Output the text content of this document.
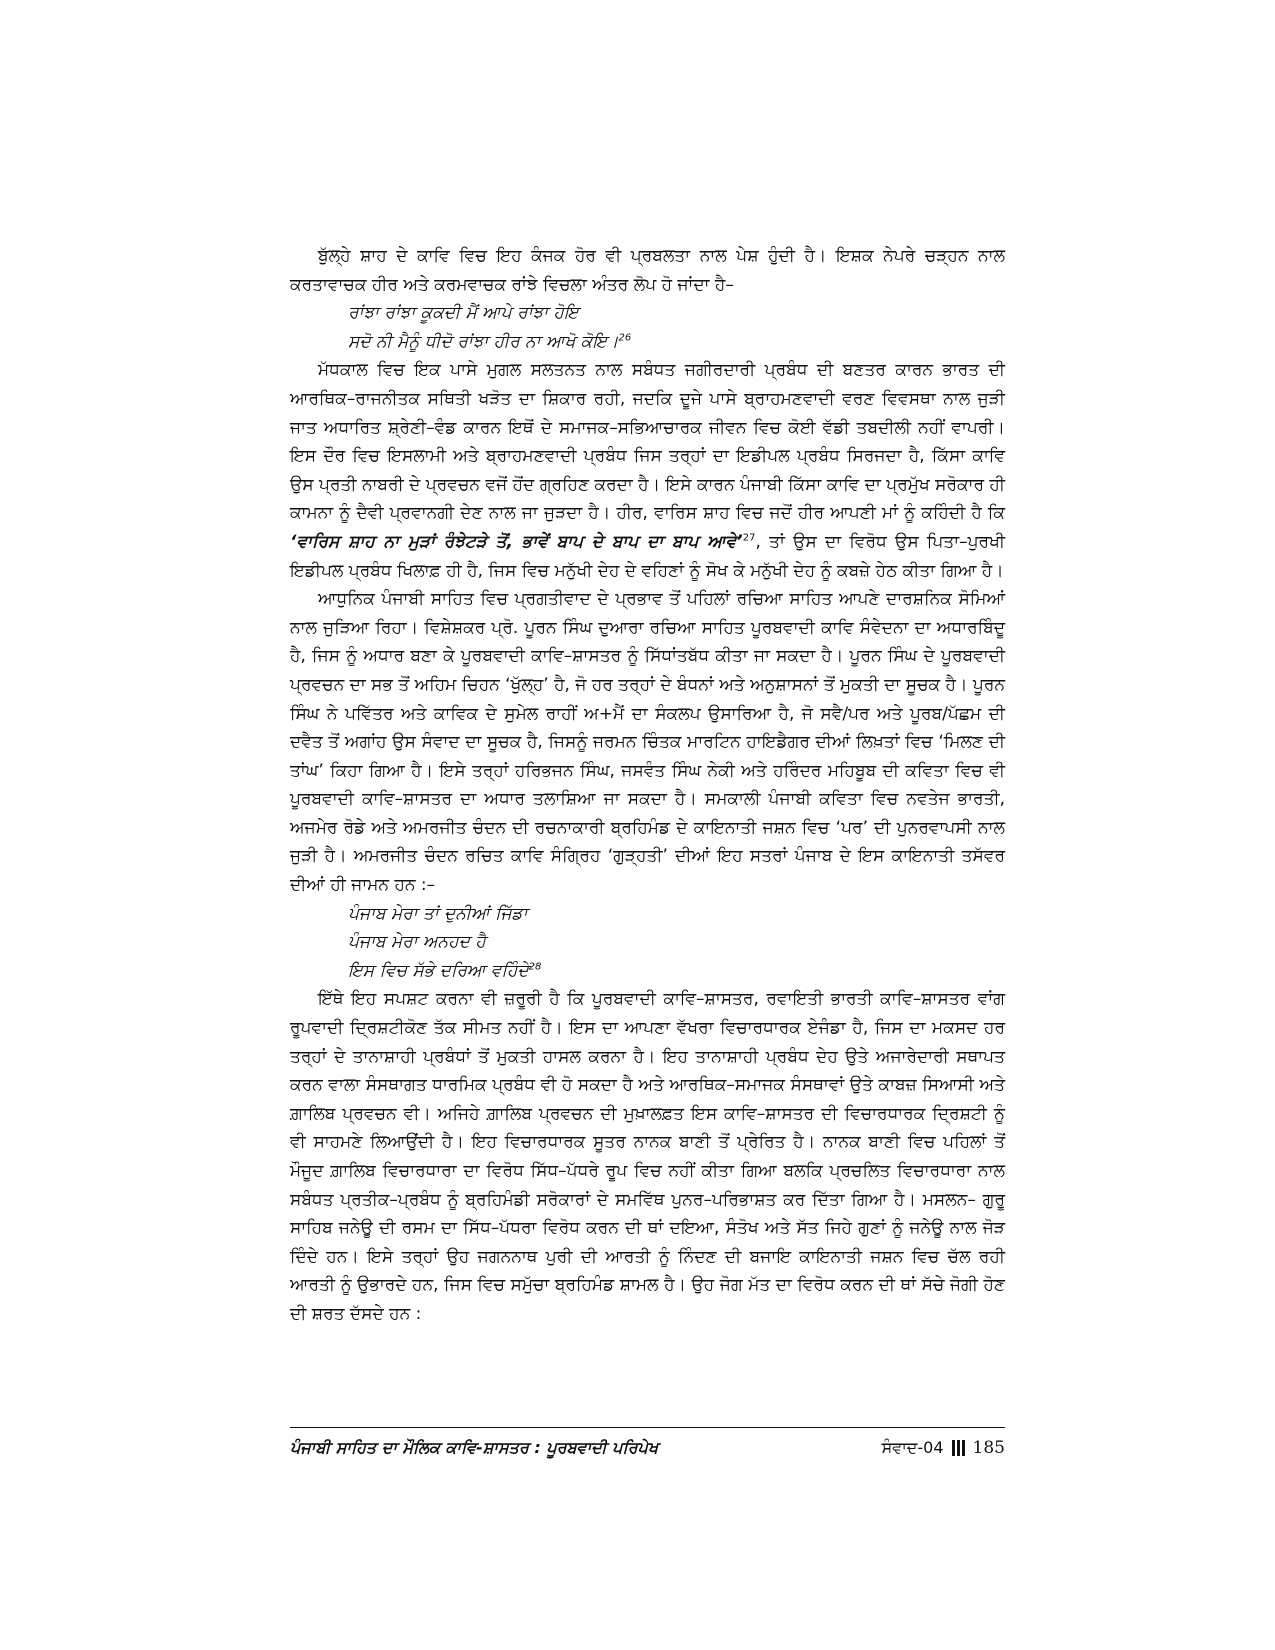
ਬੁੱਲ੍ਹੇ ਸ਼ਾਹ ਦੇ ਕਾਵਿ ਵਿਚ ਇਹ ਕੰਜਕ ਹੋਰ ਵੀ ਪ੍ਰਬਲਤਾ ਨਾਲ ਪੇਸ਼ ਹੁੰਦੀ ਹੈ। ਇਸ਼ਕ ਨੇਪਰੇ ਚੜ੍ਹਨ ਨਾਲ ਕਰਤਾਵਾਚਕ ਹੀਰ ਅਤੇ ਕਰਮਵਾਚਕ ਰਾਂਝੇ ਵਿਚਲਾ ਅੰਤਰ ਲੋਪ ਹੋ ਜਾਂਦਾ ਹੈ–

ਰਾਂਝਾ ਰਾਂਝਾ ਕੂਕਦੀ ਮੈਂ ਆਪੇ ਰਾਂਝਾ ਹੋਇ
ਸਦੋ ਨੀ ਮੈਨੂੰ ਧੀਦੋ ਰਾਂਝਾ ਹੀਰ ਨਾ ਆਖੋ ਕੋਇ।$^{26}$

ਮੱਧਕਾਲ ਵਿਚ ਇਕ ਪਾਸੇ ਮੁਗਲ ਸਲਤਨਤ ਨਾਲ ਸਬੰਧਤ ਜਗੀਰਦਾਰੀ ਪ੍ਰਬੰਧ ਦੀ ਬਣਤਰ ਕਾਰਨ ਭਾਰਤ ਦੀ ਆਰਥਿਕ–ਰਾਜਨੀਤਕ ਸਥਿਤੀ ਖੜੋਤ ਦਾ ਸ਼ਿਕਾਰ ਰਹੀ, ਜਦਕਿ ਦੂਜੇ ਪਾਸੇ ਬ੍ਰਾਹਮਣਵਾਦੀ ਵਰਣ ਵਿਵਸਥਾ ਨਾਲ ਜੁੜੀ ਜਾਤ ਅਧਾਰਿਤ ਸ਼੍ਰੇਣੀ–ਵੰਡ ਕਾਰਨ ਇਥੋਂ ਦੇ ਸਮਾਜਕ–ਸਭਿਆਚਾਰਕ ਜੀਵਨ ਵਿਚ ਕੋਈ ਵੱਡੀ ਤਬਦੀਲੀ ਨਹੀਂ ਵਾਪਰੀ। ਇਸ ਦੌਰ ਵਿਚ ਇਸਲਾਮੀ ਅਤੇ ਬ੍ਰਾਹਮਣਵਾਦੀ ਪ੍ਰਬੰਧ ਜਿਸ ਤਰ੍ਹਾਂ ਦਾ ਇਡੀਪਲ ਪ੍ਰਬੰਧ ਸਿਰਜਦਾ ਹੈ, ਕਿੱਸਾ ਕਾਵਿ ਉਸ ਪ੍ਰਤੀ ਨਾਬਰੀ ਦੇ ਪ੍ਰਵਚਨ ਵਜੋਂ ਹੋਂਦ ਗ੍ਰਹਿਣ ਕਰਦਾ ਹੈ। ਇਸੇ ਕਾਰਨ ਪੰਜਾਬੀ ਕਿੱਸਾ ਕਾਵਿ ਦਾ ਪ੍ਰਮੁੱਖ ਸਰੋਕਾਰ ਹੀ ਕਾਮਨਾ ਨੂੰ ਦੈਵੀ ਪ੍ਰਵਾਨਗੀ ਦੇਣ ਨਾਲ ਜਾ ਜੁੜਦਾ ਹੈ। ਹੀਰ, ਵਾਰਿਸ ਸ਼ਾਹ ਵਿਚ ਜਦੋਂ ਹੀਰ ਆਪਣੀ ਮਾਂ ਨੂੰ ਕਹਿੰਦੀ ਹੈ ਕਿ ‘ਵਾਰਿਸ ਸ਼ਾਹ ਨਾ ਮੁੜਾਂ ਰੰਝੇਟੜੇ ਤੋਂ, ਭਾਵੇਂ ਬਾਪ ਦੇ ਬਾਪ ਦਾ ਬਾਪ ਆਵੇ’$^{27}$, ਤਾਂ ਉਸ ਦਾ ਵਿਰੋਧ ਉਸ ਪਿਤਾ–ਪੁਰਖੀ ਇਡੀਪਲ ਪ੍ਰਬੰਧ ਖਿਲਾਫ਼ ਹੀ ਹੈ, ਜਿਸ ਵਿਚ ਮਨੁੱਖੀ ਦੇਹ ਦੇ ਵਹਿਣਾਂ ਨੂੰ ਸੋਖ ਕੇ ਮਨੁੱਖੀ ਦੇਹ ਨੂੰ ਕਬਜ਼ੇ ਹੇਠ ਕੀਤਾ ਗਿਆ ਹੈ।

ਆਧੁਨਿਕ ਪੰਜਾਬੀ ਸਾਹਿਤ ਵਿਚ ਪ੍ਰਗਤੀਵਾਦ ਦੇ ਪ੍ਰਭਾਵ ਤੋਂ ਪਹਿਲਾਂ ਰਚਿਆ ਸਾਹਿਤ ਆਪਣੇ ਦਾਰਸ਼ਨਿਕ ਸੋਮਿਆਂ ਨਾਲ ਜੁੜਿਆ ਰਿਹਾ। ਵਿਸ਼ੇਸ਼ਕਰ ਪ੍ਰੋ. ਪੂਰਨ ਸਿੰਘ ਦੁਆਰਾ ਰਚਿਆ ਸਾਹਿਤ ਪੂਰਬਵਾਦੀ ਕਾਵਿ ਸੰਵੇਦਨਾ ਦਾ ਅਧਾਰਬਿੰਦੂ ਹੈ, ਜਿਸ ਨੂੰ ਅਧਾਰ ਬਣਾ ਕੇ ਪੂਰਬਵਾਦੀ ਕਾਵਿ–ਸ਼ਾਸਤਰ ਨੂੰ ਸਿੱਧਾਂਤਬੱਧ ਕੀਤਾ ਜਾ ਸਕਦਾ ਹੈ। ਪੂਰਨ ਸਿੰਘ ਦੇ ਪੂਰਬਵਾਦੀ ਪ੍ਰਵਚਨ ਦਾ ਸਭ ਤੋਂ ਅਹਿਮ ਚਿਹਨ ‘ਖੁੱਲ੍ਹ’ ਹੈ, ਜੋ ਹਰ ਤਰ੍ਹਾਂ ਦੇ ਬੰਧਨਾਂ ਅਤੇ ਅਨੁਸ਼ਾਸਨਾਂ ਤੋਂ ਮੁਕਤੀ ਦਾ ਸੂਚਕ ਹੈ। ਪੂਰਨ ਸਿੰਘ ਨੇ ਪਵਿੱਤਰ ਅਤੇ ਕਾਵਿਕ ਦੇ ਸੁਮੇਲ ਰਾਹੀਂ ਅ+ਮੈਂ ਦਾ ਸੰਕਲਪ ਉਸਾਰਿਆ ਹੈ, ਜੋ ਸਵੈ/ਪਰ ਅਤੇ ਪੂਰਬ/ਪੱਛਮ ਦੀ ਦਵੈਤ ਤੋਂ ਅਗਾਂਹ ਉਸ ਸੰਵਾਦ ਦਾ ਸੂਚਕ ਹੈ, ਜਿਸਨੂੰ ਜਰਮਨ ਚਿੰਤਕ ਮਾਰਟਿਨ ਹਾਇਡੈਗਰ ਦੀਆਂ ਲਿਖ਼ਤਾਂ ਵਿਚ ‘ਮਿਲਣ ਦੀ ਤਾਂਘ’ ਕਿਹਾ ਗਿਆ ਹੈ। ਇਸੇ ਤਰ੍ਹਾਂ ਹਰਿਭਜਨ ਸਿੰਘ, ਜਸਵੰਤ ਸਿੰਘ ਨੇਕੀ ਅਤੇ ਹਰਿੰਦਰ ਮਹਿਬੂਬ ਦੀ ਕਵਿਤਾ ਵਿਚ ਵੀ ਪੂਰਬਵਾਦੀ ਕਾਵਿ–ਸ਼ਾਸਤਰ ਦਾ ਅਧਾਰ ਤਲਾਸ਼ਿਆ ਜਾ ਸਕਦਾ ਹੈ। ਸਮਕਾਲੀ ਪੰਜਾਬੀ ਕਵਿਤਾ ਵਿਚ ਨਵਤੇਜ ਭਾਰਤੀ, ਅਜਮੇਰ ਰੋਡੇ ਅਤੇ ਅਮਰਜੀਤ ਚੰਦਨ ਦੀ ਰਚਨਾਕਾਰੀ ਬ੍ਰਹਿਮੰਡ ਦੇ ਕਾਇਨਾਤੀ ਜਸ਼ਨ ਵਿਚ ‘ਪਰ’ ਦੀ ਪੁਨਰਵਾਪਸੀ ਨਾਲ ਜੁੜੀ ਹੈ। ਅਮਰਜੀਤ ਚੰਦਨ ਰਚਿਤ ਕਾਵਿ ਸੰਗ੍ਰਿਹ ‘ਗੁੜ੍ਹਤੀ’ ਦੀਆਂ ਇਹ ਸਤਰਾਂ ਪੰਜਾਬ ਦੇ ਇਸ ਕਾਇਨਾਤੀ ਤਸੱਵਰ ਦੀਆਂ ਹੀ ਜਾਮਨ ਹਨ :–

ਪੰਜਾਬ ਮੇਰਾ ਤਾਂ ਦੁਨੀਆਂ ਜਿੱਡਾ
ਪੰਜਾਬ ਮੇਰਾ ਅਨਹਦ ਹੈ
ਇਸ ਵਿਚ ਸੱਭੇ ਦਰਿਆ ਵਹਿੰਦੇ$^{28}$

ਇੱਥੇ ਇਹ ਸਪਸ਼ਟ ਕਰਨਾ ਵੀ ਜ਼ਰੂਰੀ ਹੈ ਕਿ ਪੂਰਬਵਾਦੀ ਕਾਵਿ–ਸ਼ਾਸਤਰ, ਰਵਾਇਤੀ ਭਾਰਤੀ ਕਾਵਿ–ਸ਼ਾਸਤਰ ਵਾਂਗ ਰੂਪਵਾਦੀ ਦ੍ਰਿਸ਼ਟੀਕੋਣ ਤੱਕ ਸੀਮਤ ਨਹੀਂ ਹੈ। ਇਸ ਦਾ ਆਪਣਾ ਵੱਖਰਾ ਵਿਚਾਰਧਾਰਕ ਏਜੰਡਾ ਹੈ, ਜਿਸ ਦਾ ਮਕਸਦ ਹਰ ਤਰ੍ਹਾਂ ਦੇ ਤਾਨਾਸ਼ਾਹੀ ਪ੍ਰਬੰਧਾਂ ਤੋਂ ਮੁਕਤੀ ਹਾਸਲ ਕਰਨਾ ਹੈ। ਇਹ ਤਾਨਾਸ਼ਾਹੀ ਪ੍ਰਬੰਧ ਦੇਹ ਉਤੇ ਅਜਾਰੇਦਾਰੀ ਸਥਾਪਤ ਕਰਨ ਵਾਲਾ ਸੰਸਥਾਗਤ ਧਾਰਮਿਕ ਪ੍ਰਬੰਧ ਵੀ ਹੋ ਸਕਦਾ ਹੈ ਅਤੇ ਆਰਥਿਕ–ਸਮਾਜਕ ਸੰਸਥਾਵਾਂ ਉਤੇ ਕਾਬਜ਼ ਸਿਆਸੀ ਅਤੇ ਗ਼ਾਲਿਬ ਪ੍ਰਵਚਨ ਵੀ। ਅਜਿਹੇ ਗ਼ਾਲਿਬ ਪ੍ਰਵਚਨ ਦੀ ਮੁਖ਼ਾਲਫ਼ਤ ਇਸ ਕਾਵਿ–ਸ਼ਾਸਤਰ ਦੀ ਵਿਚਾਰਧਾਰਕ ਦ੍ਰਿਸ਼ਟੀ ਨੂੰ ਵੀ ਸਾਹਮਣੇ ਲਿਆਉਂਦੀ ਹੈ। ਇਹ ਵਿਚਾਰਧਾਰਕ ਸੂਤਰ ਨਾਨਕ ਬਾਣੀ ਤੋਂ ਪ੍ਰੇਰਿਤ ਹੈ। ਨਾਨਕ ਬਾਣੀ ਵਿਚ ਪਹਿਲਾਂ ਤੋਂ ਮੌਜੂਦ ਗ਼ਾਲਿਬ ਵਿਚਾਰਧਾਰਾ ਦਾ ਵਿਰੋਧ ਸਿੱਧ–ਪੱਧਰੇ ਰੂਪ ਵਿਚ ਨਹੀਂ ਕੀਤਾ ਗਿਆ ਬਲਕਿ ਪ੍ਰਚਲਿਤ ਵਿਚਾਰਧਾਰਾ ਨਾਲ ਸਬੰਧਤ ਪ੍ਰਤੀਕ–ਪ੍ਰਬੰਧ ਨੂੰ ਬ੍ਰਹਿਮੰਡੀ ਸਰੋਕਾਰਾਂ ਦੇ ਸਮਵਿੱਥ ਪੁਨਰ–ਪਰਿਭਾਸ਼ਤ ਕਰ ਦਿੱਤਾ ਗਿਆ ਹੈ। ਮਸਲਨ– ਗੁਰੂ ਸਾਹਿਬ ਜਨੇਊ ਦੀ ਰਸਮ ਦਾ ਸਿੱਧ–ਪੱਧਰਾ ਵਿਰੋਧ ਕਰਨ ਦੀ ਥਾਂ ਦਇਆ, ਸੰਤੋਖ ਅਤੇ ਸੱਤ ਜਿਹੇ ਗੁਣਾਂ ਨੂੰ ਜਨੇਊ ਨਾਲ ਜੋੜ ਦਿੰਦੇ ਹਨ। ਇਸੇ ਤਰ੍ਹਾਂ ਉਹ ਜਗਨਨਾਥ ਪੁਰੀ ਦੀ ਆਰਤੀ ਨੂੰ ਨਿੰਦਣ ਦੀ ਬਜਾਇ ਕਾਇਨਾਤੀ ਜਸ਼ਨ ਵਿਚ ਚੱਲ ਰਹੀ ਆਰਤੀ ਨੂੰ ਉਭਾਰਦੇ ਹਨ, ਜਿਸ ਵਿਚ ਸਮੁੱਚਾ ਬ੍ਰਹਿਮੰਡ ਸ਼ਾਮਲ ਹੈ। ਉਹ ਜੋਗ ਮੱਤ ਦਾ ਵਿਰੋਧ ਕਰਨ ਦੀ ਥਾਂ ਸੱਚੇ ਜੋਗੀ ਹੋਣ ਦੀ ਸ਼ਰਤ ਦੱਸਦੇ ਹਨ :

ਪੰਜਾਬੀ ਸਾਹਿਤ ਦਾ ਮੌਲਿਕ ਕਾਵਿ-ਸ਼ਾਸਤਰ : ਪੂਰਬਵਾਦੀ ਪਰਿਪੇਖ	ਸੰਵਾਦ-04 185
